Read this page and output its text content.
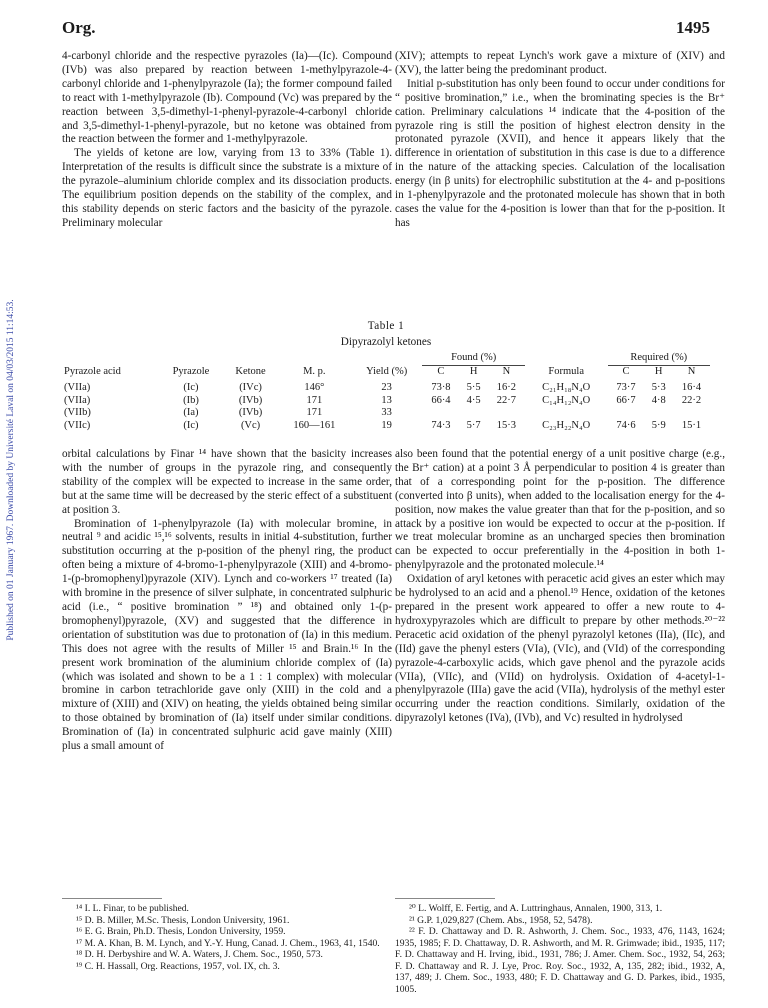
Published on 01 January 1967. Downloaded by Université Laval on 04/03/2015 11:14:53.
Org.	1495

4-carbonyl chloride and the respective pyrazoles (Ia)—(Ic). Compound (IVb) was also prepared by reaction between 1-methylpyrazole-4-carbonyl chloride and 1-phenylpyrazole (Ia); the former compound failed to react with 1-methylpyrazole (Ib). Compound (Vc) was prepared by the reaction between 3,5-dimethyl-1-phenyl-pyrazole-4-carbonyl chloride and 3,5-dimethyl-1-phenyl-pyrazole, but no ketone was obtained from the reaction between the former and 1-methylpyrazole.

The yields of ketone are low, varying from 13 to 33% (Table 1). Interpretation of the results is difficult since the substrate is a mixture of the pyrazole–aluminium chloride complex and its dissociation products. The equilibrium position depends on the stability of the complex, and this stability depends on steric factors and the basicity of the pyrazole. Preliminary molecular

(XIV); attempts to repeat Lynch's work gave a mixture of (XIV) and (XV), the latter being the predominant product.

Initial p-substitution has only been found to occur under conditions for “ positive bromination,” i.e., when the brominating species is the Br⁺ cation. Preliminary calculations ¹⁴ indicate that the 4-position of the pyrazole ring is still the position of highest electron density in the protonated pyrazole (XVII), and hence it appears likely that the difference in orientation of substitution in this case is due to a difference in the nature of the attacking species. Calculation of the localisation energy (in β units) for electrophilic substitution at the 4- and p-positions in 1-phenylpyrazole and the protonated molecule has shown that in both cases the value for the 4-position is lower than that for the p-position. It has

Table 1
Dipyrazolyl ketones
					Found (%)				Required (%)		
Pyrazole acid	Pyrazole	Ketone	M. p.	Yield (%)	C	H	N	Formula	C	H	N

(VIIa)	(Ic)	(IVc)	146°	23	73·8	5·5	16·2	C₂₁H₁₈N₄O	73·7	5·3	16·4
(VIIa)	(Ib)	(IVb)	171	13	66·4	4·5	22·7	C₁₄H₁₂N₄O	66·7	4·8	22·2
(VIIb)	(Ia)	(IVb)	171	33							
(VIIc)	(Ic)	(Vc)	160—161	19	74·3	5·7	15·3	C₂₃H₂₂N₄O	74·6	5·9	15·1

orbital calculations by Finar ¹⁴ have shown that the basicity increases with the number of groups in the pyrazole ring, and consequently stability of the complex will be expected to increase in the same order, but at the same time will be decreased by the steric effect of a substituent at position 3.

Bromination of 1-phenylpyrazole (Ia) with molecular bromine, in neutral ⁹ and acidic ¹⁵,¹⁶ solvents, results in initial 4-substitution, further substitution occurring at the p-position of the phenyl ring, the product often being a mixture of 4-bromo-1-phenylpyrazole (XIII) and 4-bromo-1-(p-bromophenyl)pyrazole (XIV). Lynch and co-workers ¹⁷ treated (Ia) with bromine in the presence of silver sulphate, in concentrated sulphuric acid (i.e., “ positive bromination ” ¹⁸) and obtained only 1-(p-bromophenyl)pyrazole, (XV) and suggested that the difference in orientation of substitution was due to protonation of (Ia) in this medium. This does not agree with the results of Miller ¹⁵ and Brain.¹⁶ In the present work bromination of the aluminium chloride complex of (Ia) (which was isolated and shown to be a 1 : 1 complex) with molecular bromine in carbon tetrachloride gave only (XIII) in the cold and a mixture of (XIII) and (XIV) on heating, the yields obtained being similar to those obtained by bromination of (Ia) itself under similar conditions. Bromination of (Ia) in concentrated sulphuric acid gave mainly (XIII) plus a small amount of

also been found that the potential energy of a unit positive charge (e.g., the Br⁺ cation) at a point 3 Å perpendicular to position 4 is greater than that of a corresponding point for the p-position. The difference (converted into β units), when added to the localisation energy for the 4-position, now makes the value greater than that for the p-position, and so attack by a positive ion would be expected to occur at the p-position. If we treat molecular bromine as an uncharged species then bromination can be expected to occur preferentially in the 4-position in both 1-phenylpyrazole and the protonated molecule.¹⁴

Oxidation of aryl ketones with peracetic acid gives an ester which may be hydrolysed to an acid and a phenol.¹⁹ Hence, oxidation of the ketones prepared in the present work appeared to offer a new route to 4-hydroxypyrazoles which are difficult to prepare by other methods.²⁰⁻²² Peracetic acid oxidation of the phenyl pyrazolyl ketones (IIa), (IIc), and (IId) gave the phenyl esters (VIa), (VIc), and (VId) of the corresponding pyrazole-4-carboxylic acids, which gave phenol and the pyrazole acids (VIIa), (VIIc), and (VIId) on hydrolysis. Oxidation of 4-acetyl-1-phenylpyrazole (IIIa) gave the acid (VIIa), hydrolysis of the methyl ester occurring under the reaction conditions. Similarly, oxidation of the dipyrazolyl ketones (IVa), (IVb), and Vc) resulted in hydrolysed

¹⁴ I. L. Finar, to be published.
¹⁵ D. B. Miller, M.Sc. Thesis, London University, 1961.
¹⁶ E. G. Brain, Ph.D. Thesis, London University, 1959.
¹⁷ M. A. Khan, B. M. Lynch, and Y.-Y. Hung, Canad. J. Chem., 1963, 41, 1540.
¹⁸ D. H. Derbyshire and W. A. Waters, J. Chem. Soc., 1950, 573.
¹⁹ C. H. Hassall, Org. Reactions, 1957, vol. IX, ch. 3.
²⁰ L. Wolff, E. Fertig, and A. Luttringhaus, Annalen, 1900, 313, 1.
²¹ G.P. 1,029,827 (Chem. Abs., 1958, 52, 5478).
²² F. D. Chattaway and D. R. Ashworth, J. Chem. Soc., 1933, 476, 1143, 1624; 1935, 1985; F. D. Chattaway, D. R. Ashworth, and M. R. Grimwade; ibid., 1935, 117; F. D. Chattaway and H. Irving, ibid., 1931, 786; J. Amer. Chem. Soc., 1932, 54, 263; F. D. Chattaway and R. J. Lye, Proc. Roy. Soc., 1932, A, 135, 282; ibid., 1932, A, 137, 489; J. Chem. Soc., 1933, 480; F. D. Chattaway and G. D. Parkes, ibid., 1935, 1005.
